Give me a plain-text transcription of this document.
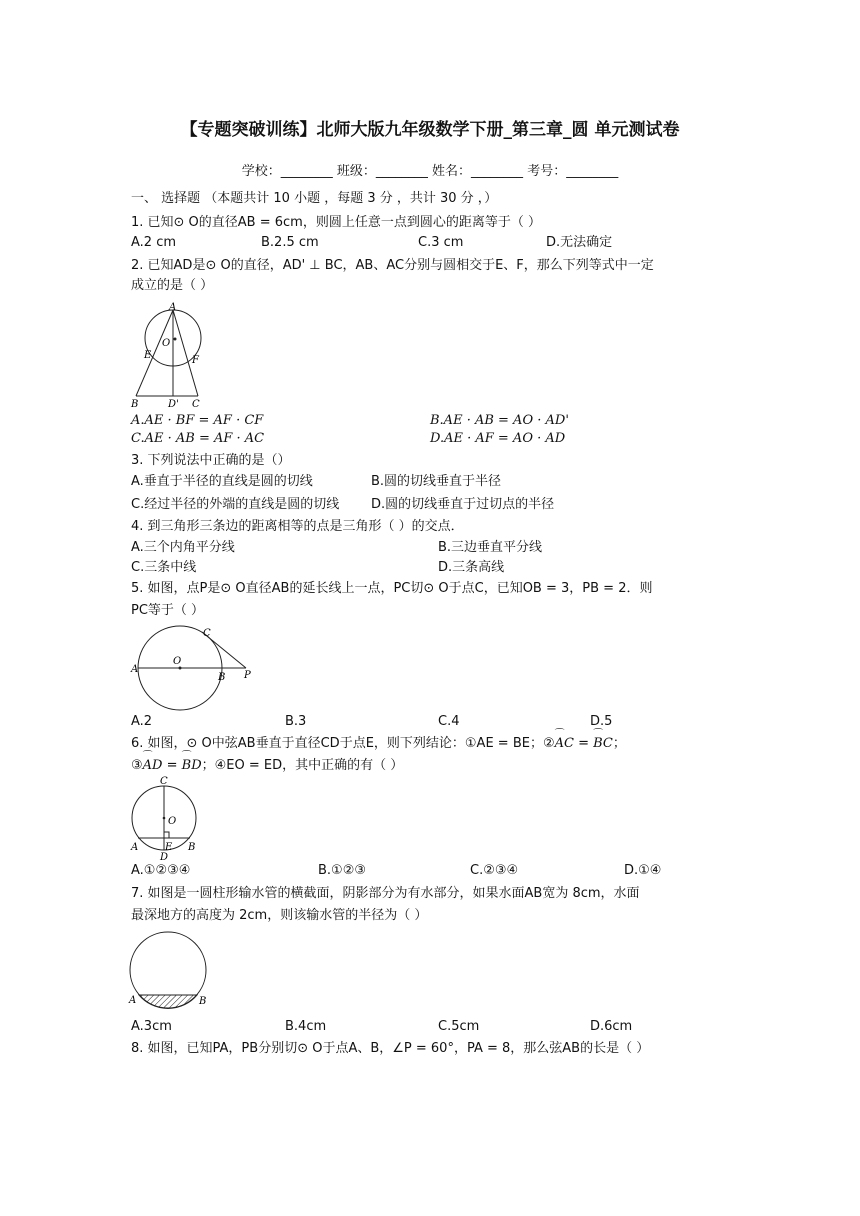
【专题突破训练】北师大版九年级数学下册_第三章_圆 单元测试卷
学校：________ 班级：________ 姓名：________ 考号：________
一、 选择题 （本题共计 10 小题 ，每题 3 分 ，共计 30 分 ，）
1. 已知⊙ O的直径AB = 6cm，则圆上任意一点到圆心的距离等于（ ）
A.2 cm	B.2.5 cm	C.3 cm	D.无法确定
2. 已知AD是⊙ O的直径，AD' ⊥ BC，AB、AC分别与圆相交于E、F，那么下列等式中一定
成立的是（ ）
A
O
E	F
B	D' C
A.AE · BF = AF · CF	B.AE · AB = AO · AD'
C.AE · AB = AF · AC	D.AE · AF = AO · AD
3. 下列说法中正确的是（）
A.垂直于半径的直线是圆的切线	B.圆的切线垂直于半径
C.经过半径的外端的直线是圆的切线 D.圆的切线垂直于过切点的半径
4. 到三角形三条边的距离相等的点是三角形（ ）的交点．
A.三个内角平分线	B.三边垂直平分线
C.三条中线	D.三条高线
5. 如图，点P是⊙ O直径AB的延长线上一点，PC切⊙ O于点C，已知OB = 3，PB = 2．则
PC等于（ ）
A
O
B
C
P
A.2	B.3	C.4	D.5
6. 如图，⊙ O中弦AB垂直于直径CD于点E，则下列结论：①AE = BE；②⌒ AC = ⌒ BC；
③⌒ AD = ⌒ BD；④EO = ED，其中正确的有（ ）
C
O
A	E B
D
A.①②③④	B.①②③	C.②③④	D.①④
7. 如图是一圆柱形输水管的横截面，阴影部分为有水部分，如果水面AB宽为 8cm，水面
最深地方的高度为 2cm，则该输水管的半径为（ ）
A	B
A.3cm	B.4cm	C.5cm	D.6cm
8. 如图，已知PA，PB分别切⊙ O于点A、B，∠P = 60°，PA = 8，那么弦AB的长是（ ）
